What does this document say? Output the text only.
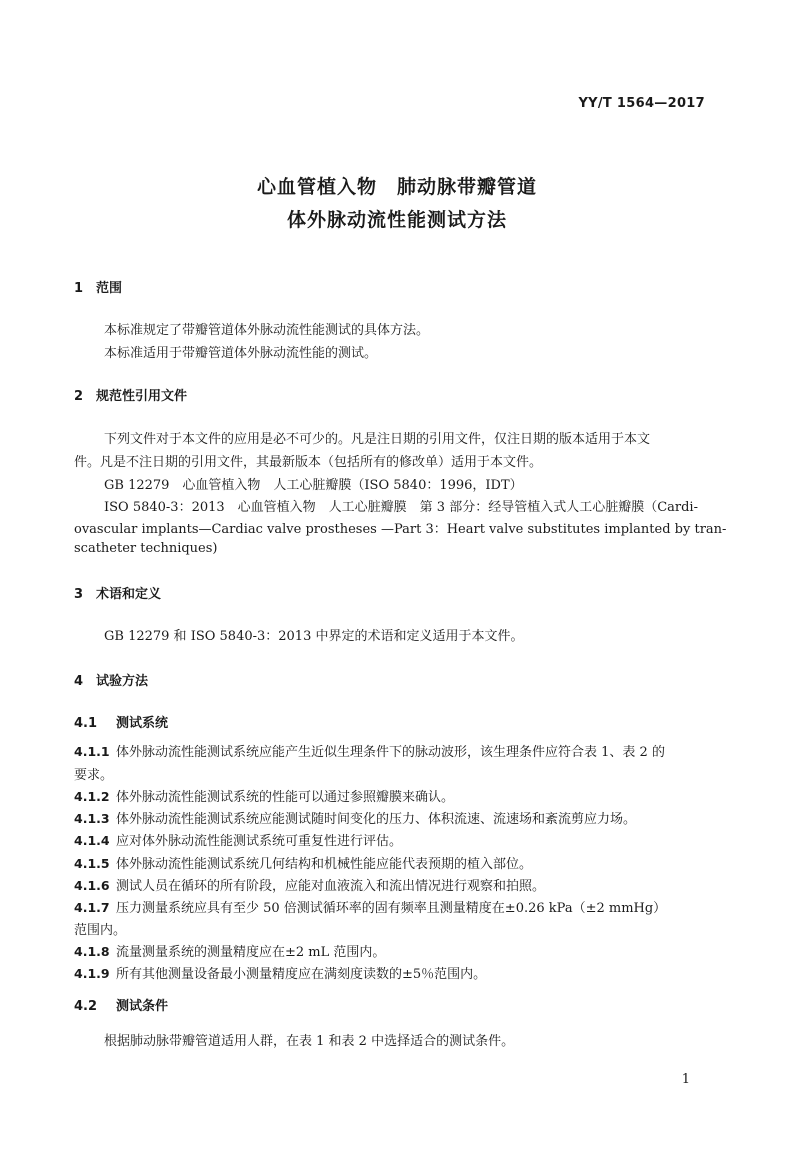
YY/T 1564—2017
心血管植入物　肺动脉带瓣管道
体外脉动流性能测试方法
1 范围

本标准规定了带瓣管道体外脉动流性能测试的具体方法。

本标准适用于带瓣管道体外脉动流性能的测试。

2 规范性引用文件

下列文件对于本文件的应用是必不可少的。凡是注日期的引用文件，仅注日期的版本适用于本文

件。凡是不注日期的引用文件，其最新版本（包括所有的修改单）适用于本文件。

GB 12279　心血管植入物　人工心脏瓣膜（ISO 5840：1996，IDT）

ISO 5840-3：2013　心血管植入物　人工心脏瓣膜　第 3 部分：经导管植入式人工心脏瓣膜（Cardi-

ovascular implants—Cardiac valve prostheses —Part 3：Heart valve substitutes implanted by tran-

scatheter techniques)

3 术语和定义

GB 12279 和 ISO 5840-3：2013 中界定的术语和定义适用于本文件。

4 试验方法
4.1 测试系统
4.1.1 体外脉动流性能测试系统应能产生近似生理条件下的脉动波形，该生理条件应符合表 1、表 2 的
要求。
4.1.2 体外脉动流性能测试系统的性能可以通过参照瓣膜来确认。
4.1.3 体外脉动流性能测试系统应能测试随时间变化的压力、体积流速、流速场和紊流剪应力场。
4.1.4 应对体外脉动流性能测试系统可重复性进行评估。
4.1.5 体外脉动流性能测试系统几何结构和机械性能应能代表预期的植入部位。
4.1.6 测试人员在循环的所有阶段，应能对血液流入和流出情况进行观察和拍照。
4.1.7 压力测量系统应具有至少 50 倍测试循环率的固有频率且测量精度在±0.26 kPa（±2 mmHg）
范围内。
4.1.8 流量测量系统的测量精度应在±2 mL 范围内。
4.1.9 所有其他测量设备最小测量精度应在满刻度读数的±5％范围内。
4.2 测试条件

根据肺动脉带瓣管道适用人群，在表 1 和表 2 中选择适合的测试条件。

1
